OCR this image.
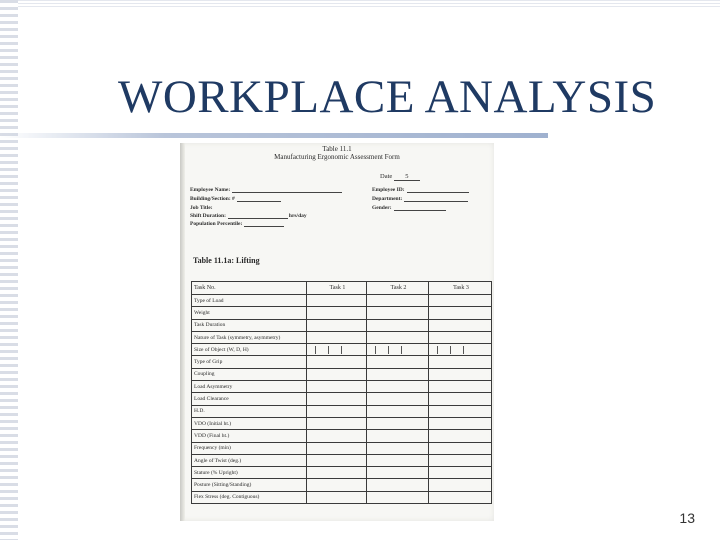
WORKPLACE ANALYSIS
Table 11.1
Manufacturing Ergonomic Assessment Form
Date 5
Employee Name:
Building/Section: #
Job Title:
Shift Duration:	hrs/day
Population Percentile:
Employee ID:
Department:
Gender:
Table 11.1a: Lifting
Task No.	Task 1	Task 2	Task 3
Type of Load			
Weight			
Task Duration			
Nature of Task (symmetry, asymmetry)			
Size of Object (W, D, H)			
Type of Grip			
Coupling			
Load Asymmetry			
Load Clearance			
H.D.			
VDO (Initial ht.)			
VDD (Final ht.)			
Frequency (min)			
Angle of Twist (deg.)			
Stature (% Upright)			
Posture (Sitting/Standing)			
Flex Stress (deg. Contiguous)			
13
